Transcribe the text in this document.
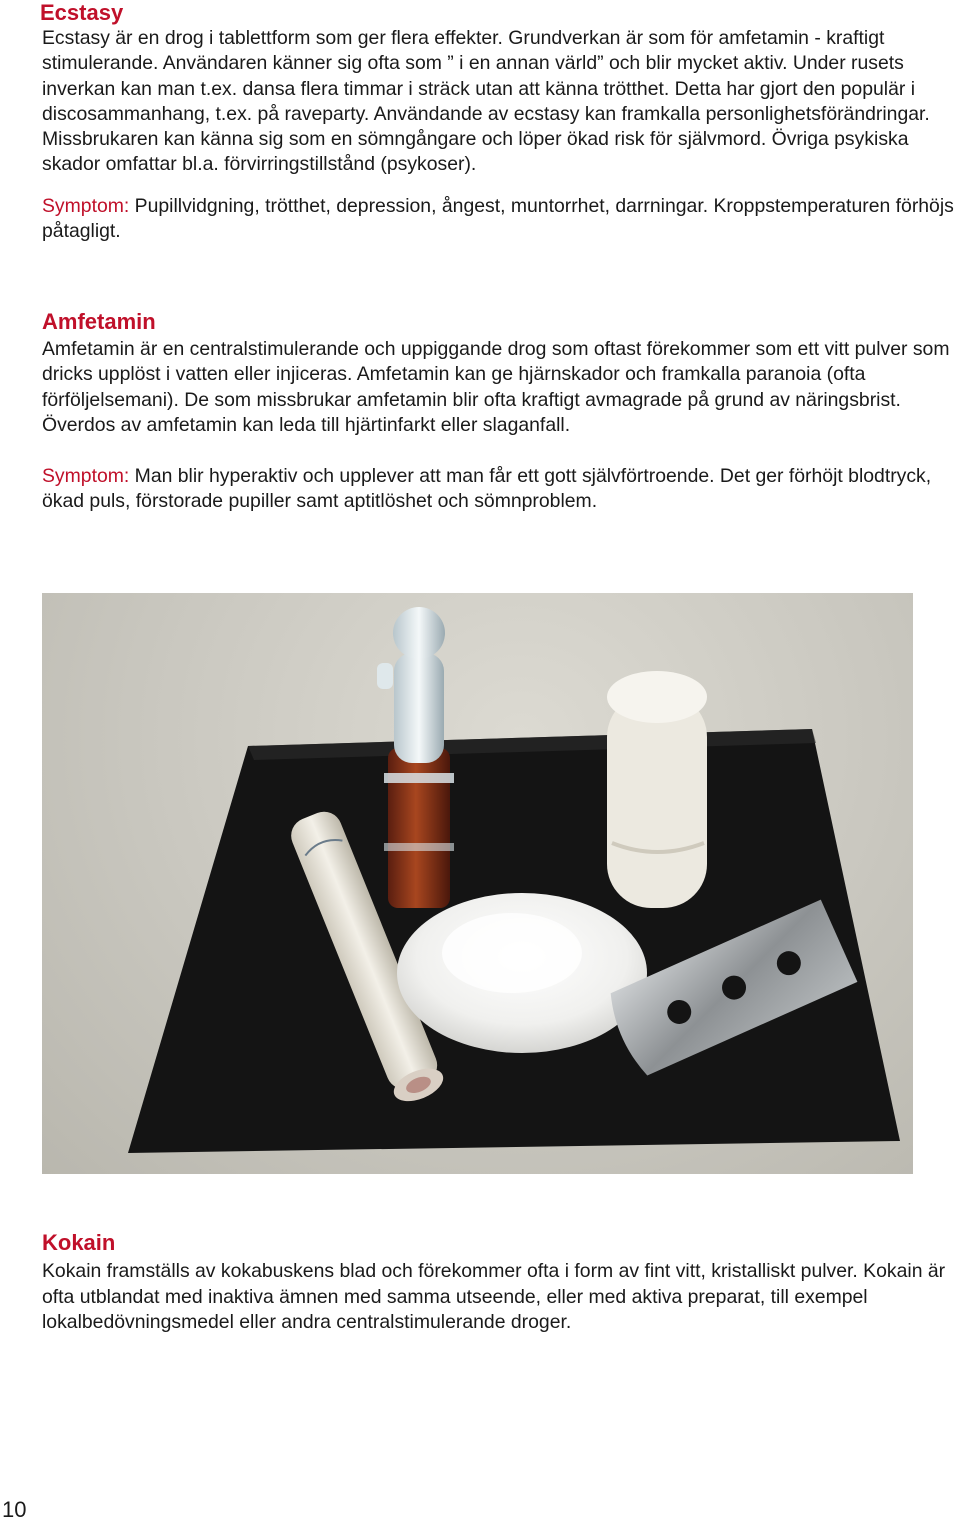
Ecstasy

Ecstasy är en drog i tablettform som ger flera effekter. Grundverkan är som för amfetamin - kraftigt stimulerande. Användaren känner sig ofta som ” i en annan värld” och blir mycket aktiv. Under rusets inverkan kan man t.ex. dansa flera timmar i sträck utan att känna trötthet. Detta har gjort den populär i discosammanhang, t.ex. på raveparty. Användande av ecstasy kan framkalla personlighetsförändringar. Missbrukaren kan känna sig som en sömngångare och löper ökad risk för självmord. Övriga psykiska skador omfattar bl.a. förvirringstillstånd (psykoser).

Symptom: Pupillvidgning, trötthet, depression, ångest, muntorrhet, darrningar. Kroppstemperaturen förhöjs påtagligt.

Amfetamin

Amfetamin är en centralstimulerande och uppiggande drog som oftast förekommer som ett vitt pulver som dricks upplöst i vatten eller injiceras. Amfetamin kan ge hjärnskador och framkalla paranoia (ofta förföljelsemani). De som missbrukar amfetamin blir ofta kraftigt avmagrade på grund av näringsbrist. Överdos av amfetamin kan leda till hjärtinfarkt eller slaganfall.

Symptom: Man blir hyperaktiv och upplever att man får ett gott självförtroende. Det ger förhöjt blodtryck, ökad puls, förstorade pupiller samt aptitlöshet och sömnproblem.

Kokain

Kokain framställs av kokabuskens blad och förekommer ofta i form av fint vitt, kristalliskt pulver. Kokain är ofta utblandat med inaktiva ämnen med samma utseende, eller med aktiva preparat, till exempel lokalbedövningsmedel eller andra centralstimulerande droger.

10
